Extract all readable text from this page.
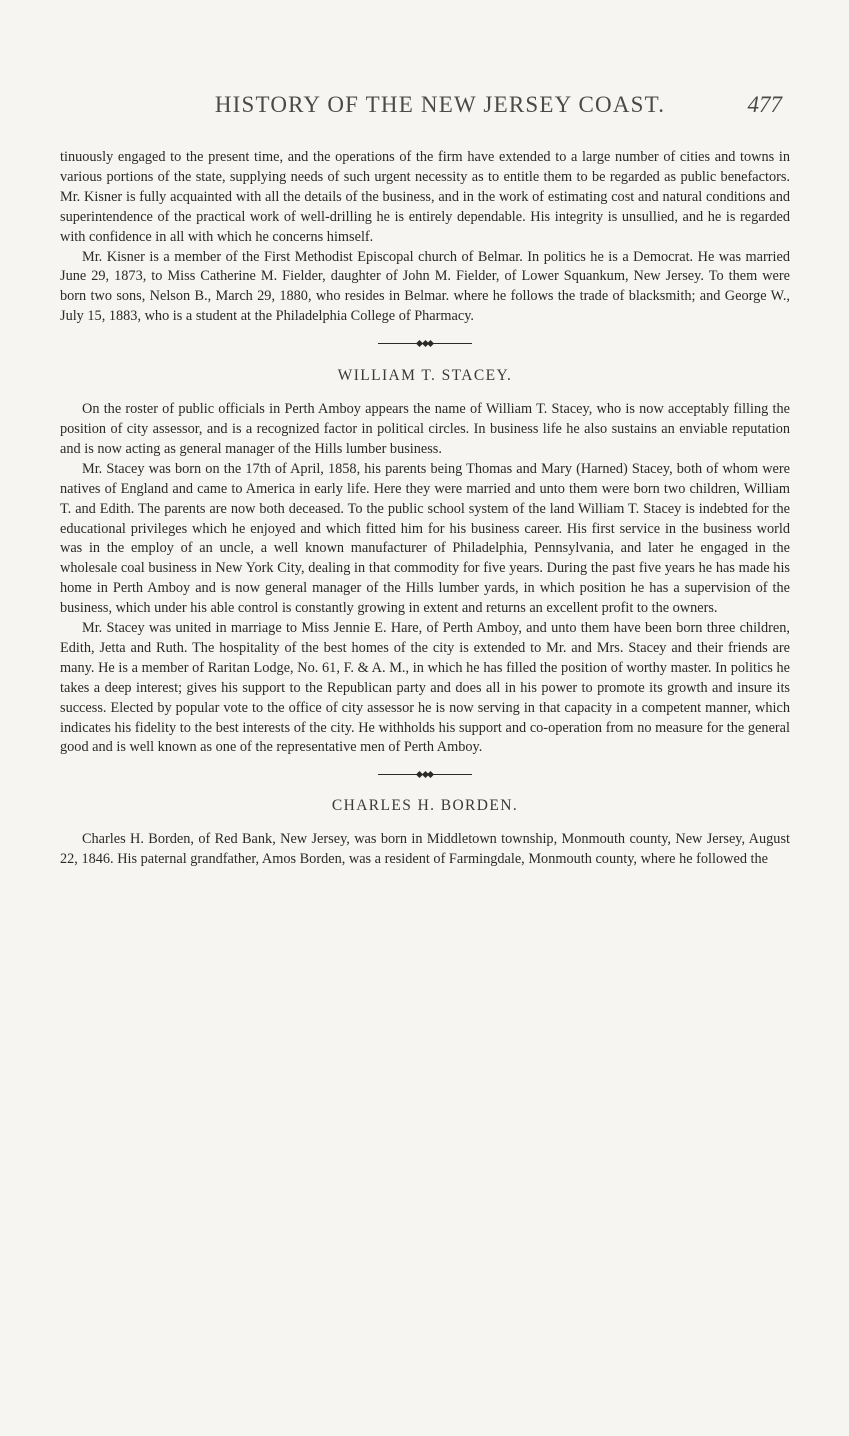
HISTORY OF THE NEW JERSEY COAST.	477

tinuously engaged to the present time, and the operations of the firm have extended to a large number of cities and towns in various portions of the state, supplying needs of such urgent necessity as to entitle them to be regarded as public benefactors. Mr. Kisner is fully acquainted with all the details of the business, and in the work of estimating cost and natural conditions and superintendence of the practical work of well-drilling he is entirely dependable. His integrity is unsullied, and he is regarded with confidence in all with which he concerns himself.

Mr. Kisner is a member of the First Methodist Episcopal church of Belmar. In politics he is a Democrat. He was married June 29, 1873, to Miss Catherine M. Fielder, daughter of John M. Fielder, of Lower Squankum, New Jersey. To them were born two sons, Nelson B., March 29, 1880, who resides in Belmar. where he follows the trade of blacksmith; and George W., July 15, 1883, who is a student at the Philadelphia College of Pharmacy.

WILLIAM T. STACEY.

On the roster of public officials in Perth Amboy appears the name of William T. Stacey, who is now acceptably filling the position of city assessor, and is a recognized factor in political circles. In business life he also sustains an enviable reputation and is now acting as general manager of the Hills lumber business.

Mr. Stacey was born on the 17th of April, 1858, his parents being Thomas and Mary (Harned) Stacey, both of whom were natives of England and came to America in early life. Here they were married and unto them were born two children, William T. and Edith. The parents are now both deceased. To the public school system of the land William T. Stacey is indebted for the educational privileges which he enjoyed and which fitted him for his business career. His first service in the business world was in the employ of an uncle, a well known manufacturer of Philadelphia, Pennsylvania, and later he engaged in the wholesale coal business in New York City, dealing in that commodity for five years. During the past five years he has made his home in Perth Amboy and is now general manager of the Hills lumber yards, in which position he has a supervision of the business, which under his able control is constantly growing in extent and returns an excellent profit to the owners.

Mr. Stacey was united in marriage to Miss Jennie E. Hare, of Perth Amboy, and unto them have been born three children, Edith, Jetta and Ruth. The hospitality of the best homes of the city is extended to Mr. and Mrs. Stacey and their friends are many. He is a member of Raritan Lodge, No. 61, F. & A. M., in which he has filled the position of worthy master. In politics he takes a deep interest; gives his support to the Republican party and does all in his power to promote its growth and insure its success. Elected by popular vote to the office of city assessor he is now serving in that capacity in a competent manner, which indicates his fidelity to the best interests of the city. He withholds his support and co-operation from no measure for the general good and is well known as one of the representative men of Perth Amboy.

CHARLES H. BORDEN.

Charles H. Borden, of Red Bank, New Jersey, was born in Middletown township, Monmouth county, New Jersey, August 22, 1846. His paternal grandfather, Amos Borden, was a resident of Farmingdale, Monmouth county, where he followed the
